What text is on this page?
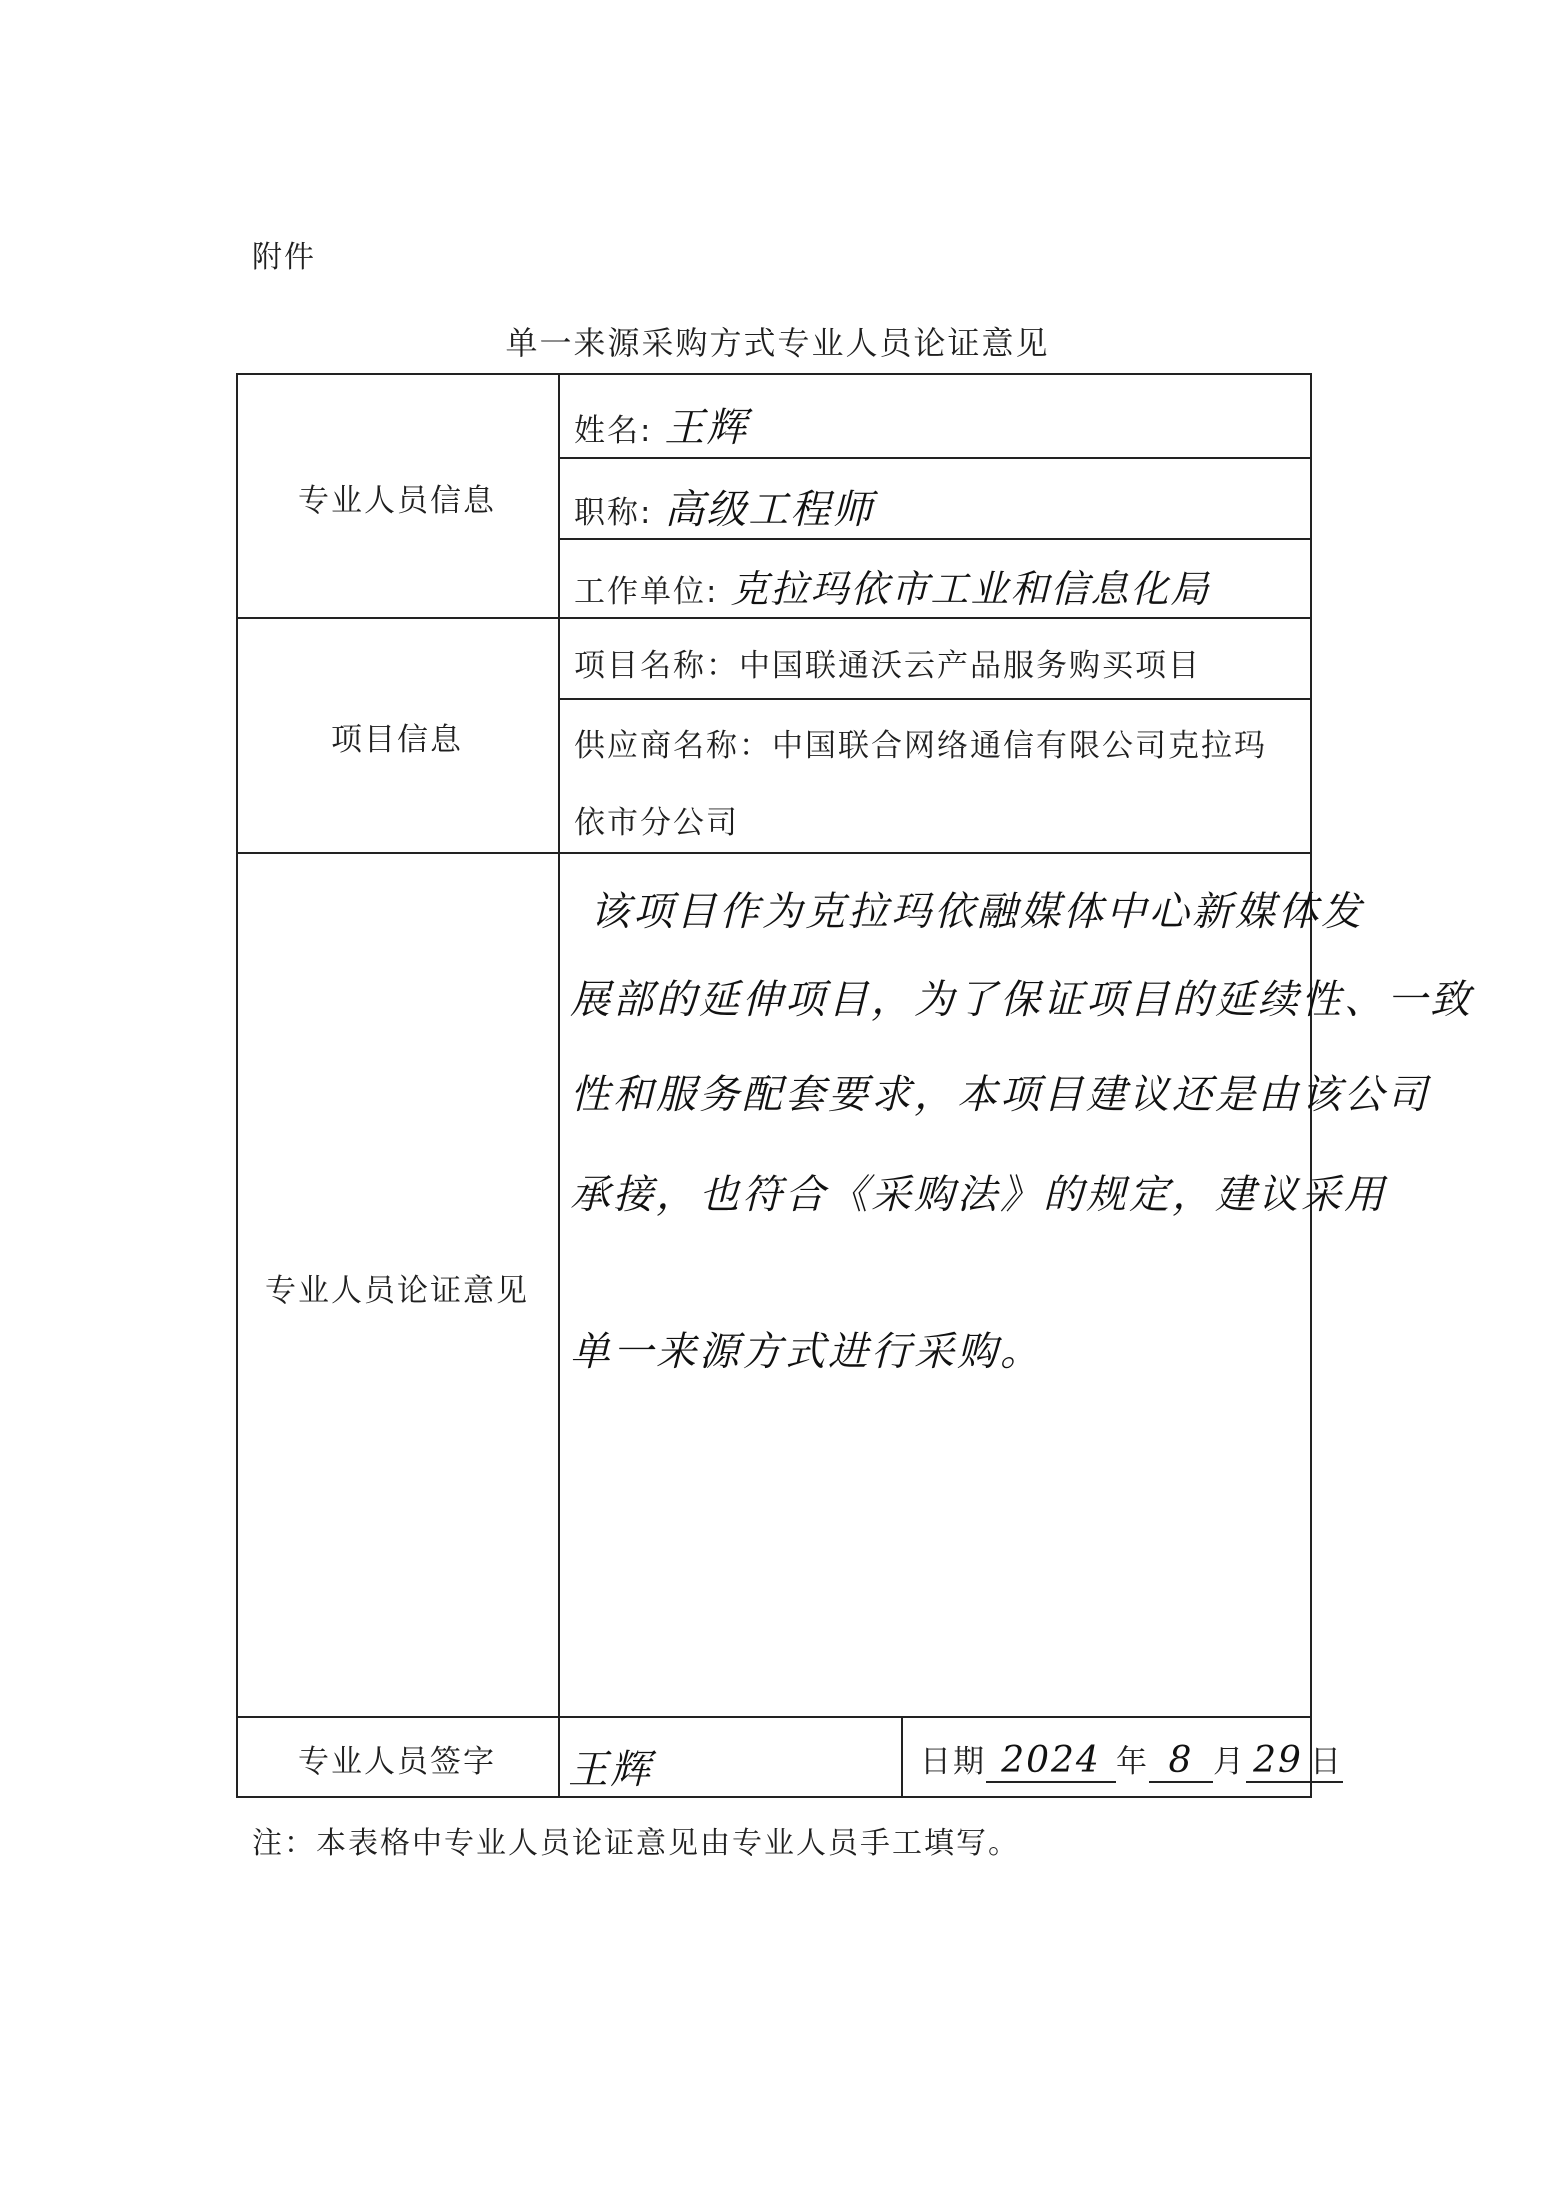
附件
单一来源采购方式专业人员论证意见
专业人员信息
姓名: 王辉
职称: 高级工程师
工作单位: 克拉玛依市工业和信息化局
项目信息
项目名称：中国联通沃云产品服务购买项目
供应商名称：中国联合网络通信有限公司克拉玛
依市分公司
专业人员论证意见
该项目作为克拉玛依融媒体中心新媒体发
展部的延伸项目，为了保证项目的延续性、一致
性和服务配套要求，本项目建议还是由该公司
承接，也符合《采购法》的规定，建议采用
单一来源方式进行采购。
专业人员签字	王辉	日期 2024 年 8 月 29 日
注：本表格中专业人员论证意见由专业人员手工填写。
